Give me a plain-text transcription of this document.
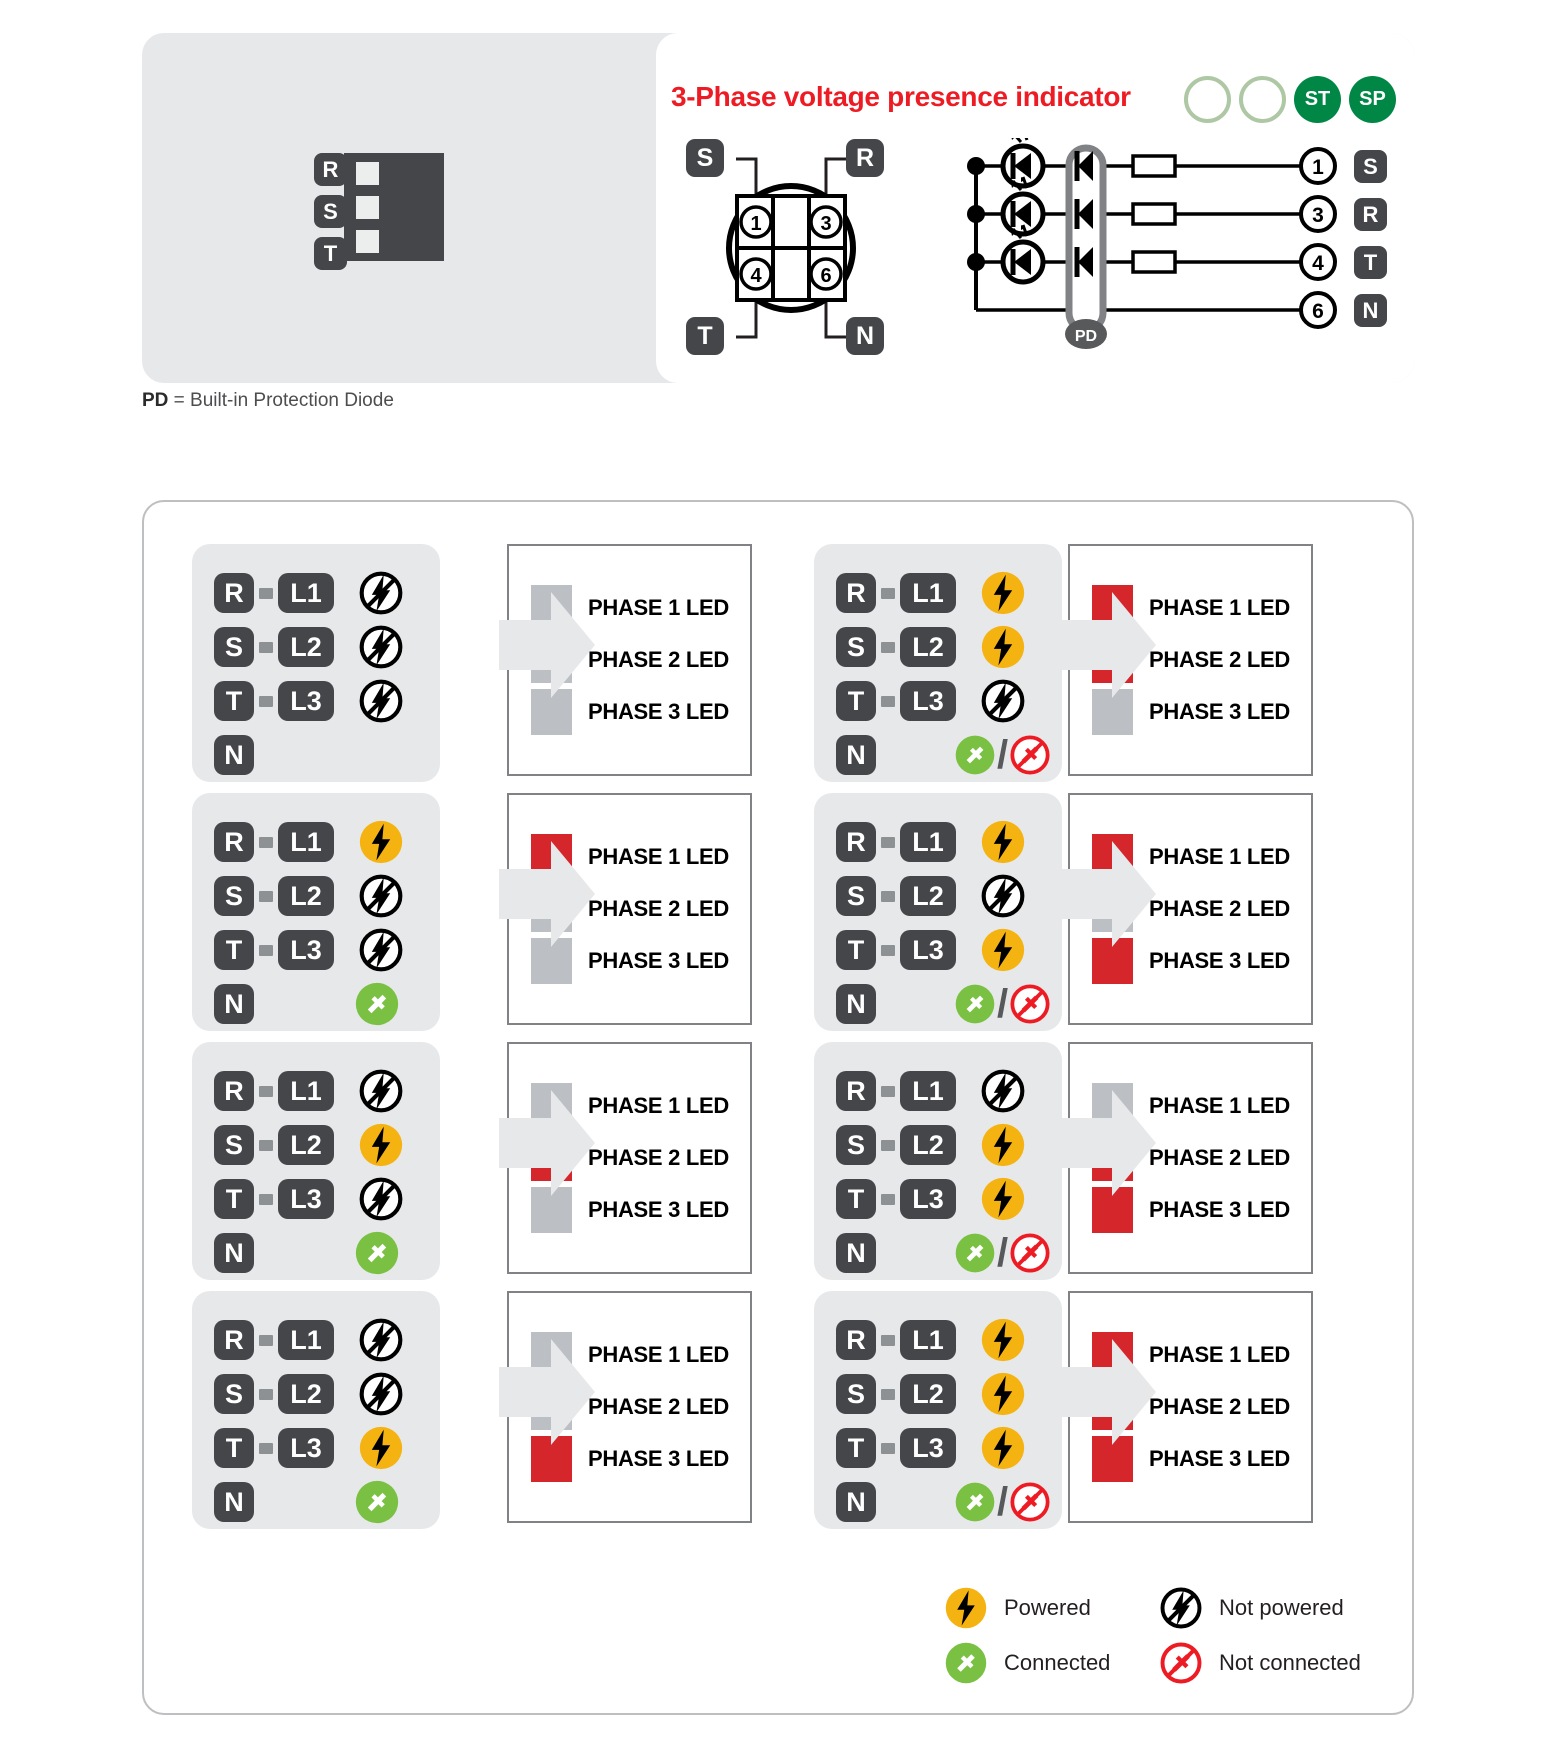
R
S
T
3-Phase voltage presence indicator	ST	SP
1	3
4	6
S	R
T	N	PD
1
3
4
6
S
R
T
N
PD = Built-in Protection Diode
R	L1
S	L2
T	L3
N
PHASE 1 LED
PHASE 2 LED
PHASE 3 LED
R	L1
S	L2
T	L3
N	/
PHASE 1 LED
PHASE 2 LED
PHASE 3 LED
R	L1
S	L2
T	L3
N
PHASE 1 LED
PHASE 2 LED
PHASE 3 LED
R	L1
S	L2
T	L3
N	/
PHASE 1 LED
PHASE 2 LED
PHASE 3 LED
R	L1
S	L2
T	L3
N
PHASE 1 LED
PHASE 2 LED
PHASE 3 LED
R	L1
S	L2
T	L3
N	/
PHASE 1 LED
PHASE 2 LED
PHASE 3 LED
R	L1
S	L2
T	L3
N
PHASE 1 LED
PHASE 2 LED
PHASE 3 LED
R	L1
S	L2
T	L3
N	/
PHASE 1 LED
PHASE 2 LED
PHASE 3 LED
Powered	Not powered
Connected	Not connected
